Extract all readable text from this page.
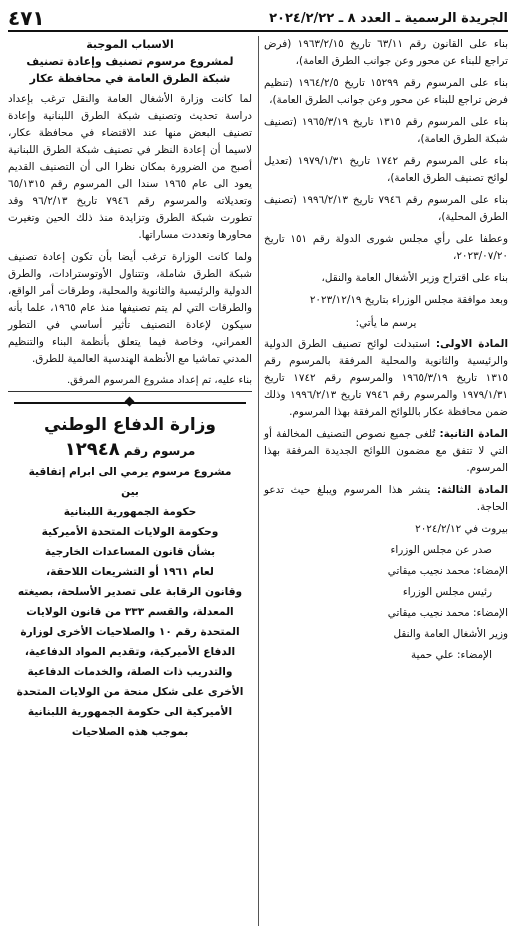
الجريدة الرسمية ـ العدد ٨ ـ ٢٠٢٤/٢/٢٢
٤٧١

بناء على القانون رقم ٦٣/١١ تاريخ ١٩٦٣/٢/١٥ (فرض تراجع للبناء عن محور وعن جوانب الطرق العامة)،

بناء على المرسوم رقم ١٥٢٩٩ تاريخ ١٩٦٤/٢/٥ (تنظيم فرض تراجع للبناء عن محور وعن جوانب الطرق العامة)،

بناء على المرسوم رقم ١٣١٥ تاريخ ١٩٦٥/٣/١٩ (تصنيف شبكة الطرق العامة)،

بناء على المرسوم رقم ١٧٤٢ تاريخ ١٩٧٩/١/٣١ (تعديل لوائح تصنيف الطرق العامة)،

بناء على المرسوم رقم ٧٩٤٦ تاريخ ١٩٩٦/٢/١٣ (تصنيف الطرق المحلية)،

وعطفا على رأي مجلس شورى الدولة رقم ١٥١ تاريخ ٢٠٢٣/٠٧/٢٠،

بناء على اقتراح وزير الأشغال العامة والنقل،

وبعد موافقة مجلس الوزراء بتاريخ ٢٠٢٣/١٢/١٩

يرسم ما يأتي:

المادة الاولى: استبدلت لوائح تصنيف الطرق الدولية والرئيسية والثانوية والمحلية المرفقة بالمرسوم رقم ١٣١٥ تاريخ ١٩٦٥/٣/١٩ والمرسوم رقم ١٧٤٢ تاريخ ١٩٧٩/١/٣١ والمرسوم رقم ٧٩٤٦ تاريخ ١٩٩٦/٢/١٣ وذلك ضمن محافظة عكار باللوائح المرفقة بهذا المرسوم.

المادة الثانية: تُلغى جميع نصوص التصنيف المخالفة أو التي لا تتفق مع مضمون اللوائح الجديدة المرفقة بهذا المرسوم.

المادة الثالثة: ينشر هذا المرسوم ويبلغ حيث تدعو الحاجة.

بيروت في ٢٠٢٤/٢/١٢

صدر عن مجلس الوزراء

الإمضاء: محمد نجيب ميقاتي

رئيس مجلس الوزراء

الإمضاء: محمد نجيب ميقاتي

وزير الأشغال العامة والنقل

الإمضاء: علي حمية

الاسباب الموجبة

لمشروع مرسوم تصنيف وإعادة تصنيف

شبكة الطرق العامة في محافظة عكار

لما كانت وزارة الأشغال العامة والنقل ترغب بإعداد دراسة تحديث وتصنيف شبكة الطرق اللبنانية وإعادة تصنيف البعض منها عند الاقتضاء في محافظة عكار، لاسيما أن إعادة النظر في تصنيف شبكة الطرق اللبنانية أصبح من الضرورة بمكان نظرا الى أن التصنيف القديم يعود الى عام ١٩٦٥ سندا الى المرسوم رقم ٦٥/١٣١٥ وتعديلاته والمرسوم رقم ٧٩٤٦ تاريخ ٩٦/٢/١٣ وقد تطورت شبكة الطرق وتزايدة منذ ذلك الحين وتغيرت محاورها وتعددت مساراتها.

ولما كانت الوزارة ترغب أيضا بأن تكون إعادة تصنيف شبكة الطرق شاملة، وتتناول الأوتوسترادات، والطرق الدولية والرئيسية والثانوية والمحلية، وطرقات أمر الواقع، والطرقات التي لم يتم تصنيفها منذ عام ١٩٦٥، علما بأنه سيكون لإعادة التصنيف تأثير أساسي في التطور العمراني، وخاصة فيما يتعلق بأنظمة البناء والتنظيم المدني تماشيا مع الأنظمة الهندسية العالمية للطرق.

بناء عليه، تم إعداد مشروع المرسوم المرفق.

وزارة الدفاع الوطني

مرسوم رقم ١٢٩٤٨

مشروع مرسوم يرمي الى ابرام إتفاقية

بين

حكومة الجمهورية اللبنانية

وحكومة الولايات المتحدة الأميركية

بشأن قانون المساعدات الخارجية

لعام ١٩٦١ أو التشريعات اللاحقة،

وقانون الرقابة على تصدير الأسلحة، بصيغته المعدلة، والقسم ٣٣٣ من قانون الولايات المتحدة رقم ١٠ والصلاحيات الأخرى لوزارة الدفاع الأميركية، وتقديم المواد الدفاعية، والتدريب ذات الصلة، والخدمات الدفاعية الأخرى على شكل منحة من الولايات المتحدة الأميركية الى حكومة الجمهورية اللبنانية

بموجب هذه الصلاحيات
